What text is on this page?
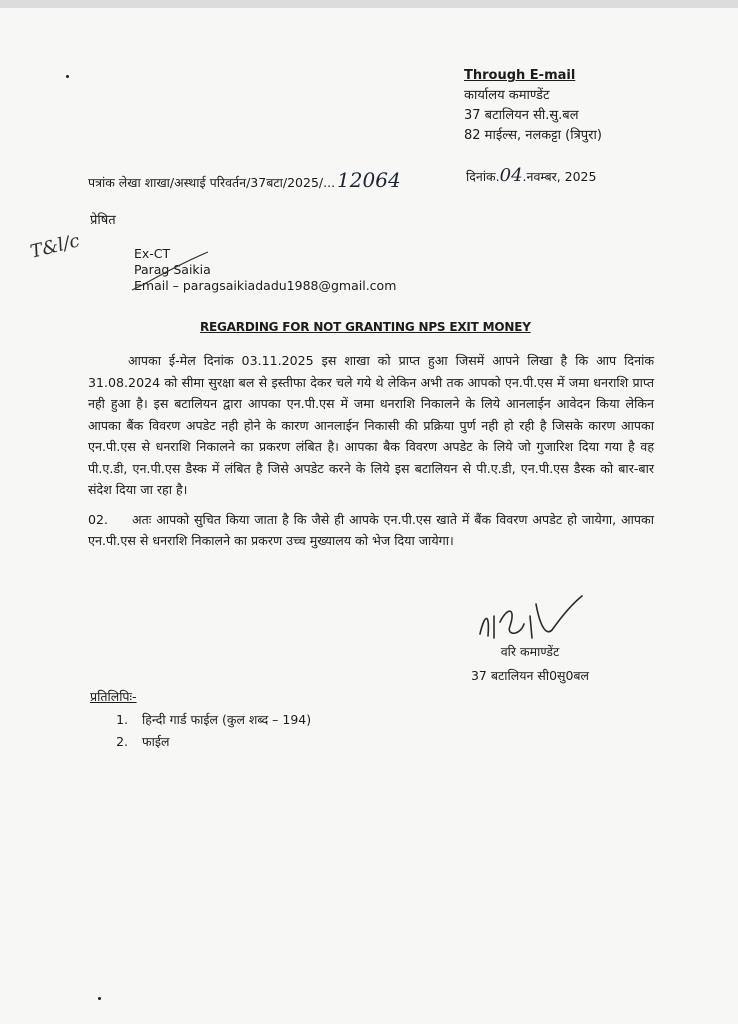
Through E-mail
कार्यालय कमाण्डेंट
37 बटालियन सी.सु.बल
82 माईल्स, नलकट्टा (त्रिपुरा)
पत्रांक लेखा शाखा/अस्थाई परिवर्तन/37बटा/2025/... 12064	दिनांक.04.नवम्बर, 2025
प्रेषित
T&l/c	Ex-CT
Parag Saikia
Email – paragsaikiadadu1988@gmail.com
REGARDING FOR NOT GRANTING NPS EXIT MONEY

आपका ई-मेल दिनांक 03.11.2025 इस शाखा को प्राप्त हुआ जिसमें आपने लिखा है कि आप दिनांक 31.08.2024 को सीमा सुरक्षा बल से इस्तीफा देकर चले गये थे लेकिन अभी तक आपको एन.पी.एस में जमा धनराशि प्राप्त नही हुआ है। इस बटालियन द्वारा आपका एन.पी.एस में जमा धनराशि निकालने के लिये आनलाईन आवेदन किया लेकिन आपका बैंक विवरण अपडेट नही होने के कारण आनलाईन निकासी की प्रक्रिया पुर्ण नही हो रही है जिसके कारण आपका एन.पी.एस से धनराशि निकालने का प्रकरण लंबित है। आपका बैक विवरण अपडेट के लिये जो गुजारिश दिया गया है वह पी.ए.डी, एन.पी.एस डैस्क में लंबित है जिसे अपडेट करने के लिये इस बटालियन से पी.ए.डी, एन.पी.एस डैस्क को बार-बार संदेश दिया जा रहा है।

02. अतः आपको सुचित किया जाता है कि जैसे ही आपके एन.पी.एस खाते में बैंक विवरण अपडेट हो जायेगा, आपका एन.पी.एस से धनराशि निकालने का प्रकरण उच्च मुख्यालय को भेज दिया जायेगा।

वरि कमाण्डेंट
37 बटालियन सी0सु0बल
प्रतिलिपिः-
1. हिन्दी गार्ड फाईल (कुल शब्द – 194)
2. फाईल
